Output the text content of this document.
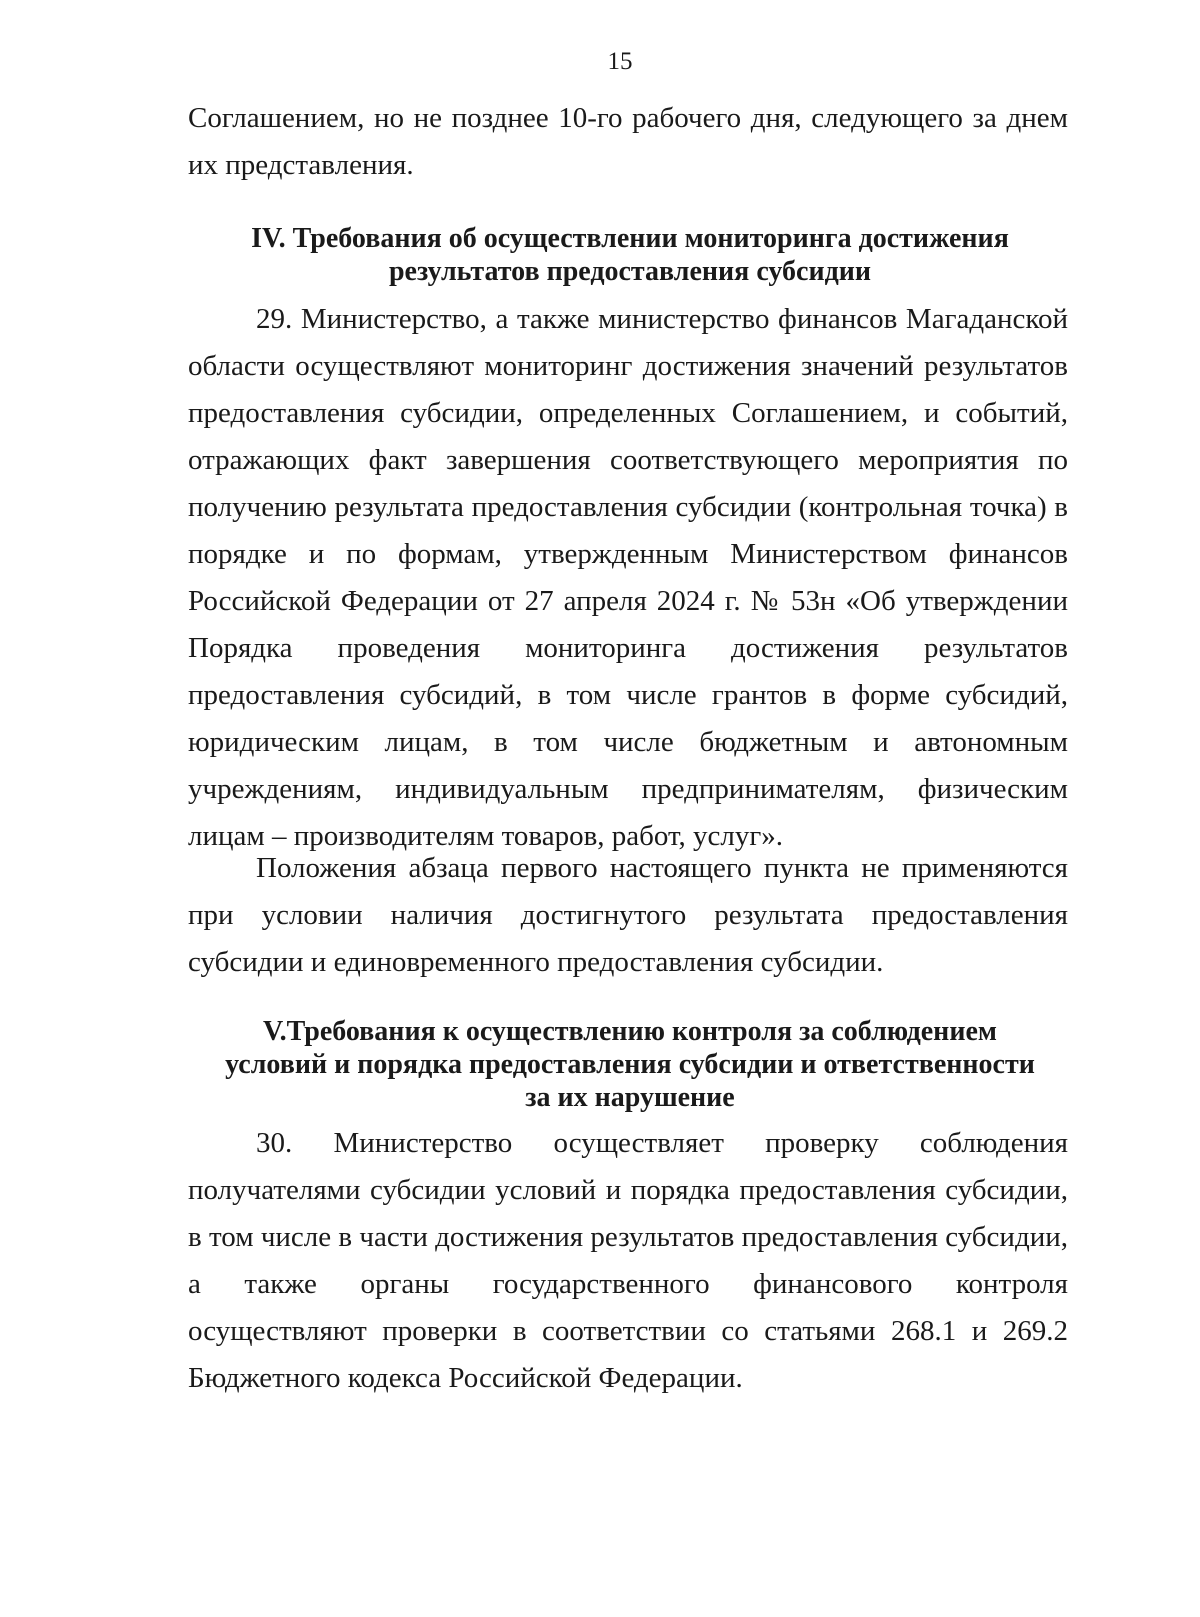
15

Соглашением, но не позднее 10-го рабочего дня, следующего за днем их представления.

IV. Требования об осуществлении мониторинга достижения
результатов предоставления субсидии

29. Министерство, а также министерство финансов Магаданской области осуществляют мониторинг достижения значений результатов предоставления субсидии, определенных Соглашением, и событий, отражающих факт завершения соответствующего мероприятия по получению результата предоставления субсидии (контрольная точка) в порядке и по формам, утвержденным Министерством финансов Российской Федерации от 27 апреля 2024 г. № 53н «Об утверждении Порядка проведения мониторинга достижения результатов предоставления субсидий, в том числе грантов в форме субсидий, юридическим лицам, в том числе бюджетным и автономным учреждениям, индивидуальным предпринимателям, физическим лицам – производителям товаров, работ, услуг».

Положения абзаца первого настоящего пункта не применяются при условии наличия достигнутого результата предоставления субсидии и единовременного предоставления субсидии.

V.Требования к осуществлению контроля за соблюдением
условий и порядка предоставления субсидии и ответственности
за их нарушение

30. Министерство осуществляет проверку соблюдения получателями субсидии условий и порядка предоставления субсидии, в том числе в части достижения результатов предоставления субсидии, а также органы государственного финансового контроля осуществляют проверки в соответствии со статьями 268.1 и 269.2 Бюджетного кодекса Российской Федерации.
